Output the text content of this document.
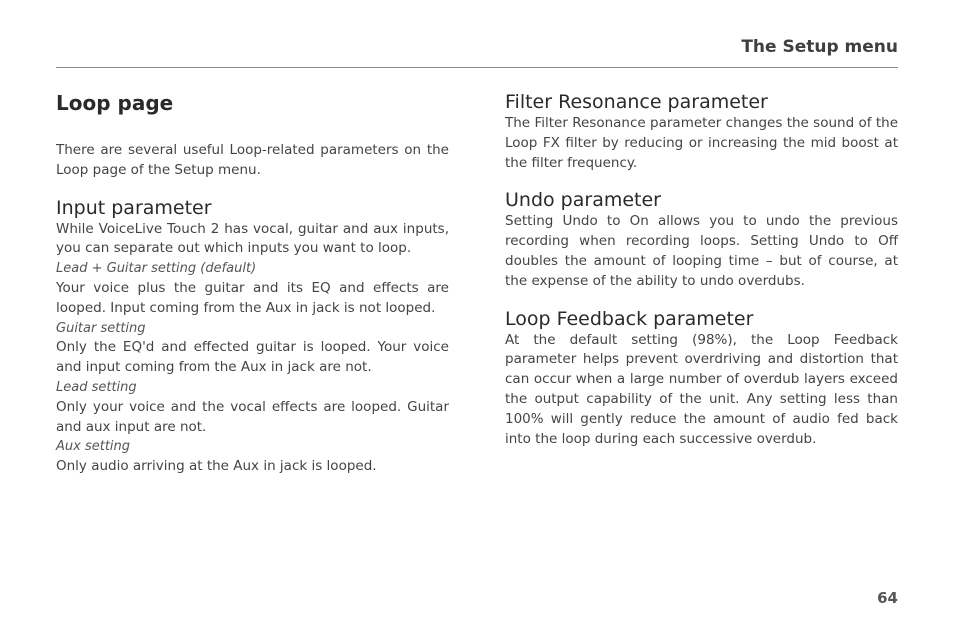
The Setup menu
Loop page

There are several useful Loop-related parameters on the Loop page of the Setup menu.

Input parameter

While VoiceLive Touch 2 has vocal, guitar and aux inputs, you can separate out which inputs you want to loop.

Lead + Guitar setting (default)

Your voice plus the guitar and its EQ and effects are looped. Input coming from the Aux in jack is not looped.

Guitar setting

Only the EQ'd and effected guitar is looped. Your voice and input coming from the Aux in jack are not.

Lead setting

Only your voice and the vocal effects are looped. Guitar and aux input are not.

Aux setting

Only audio arriving at the Aux in jack is looped.

Filter Resonance parameter

The Filter Resonance parameter changes the sound of the Loop FX filter by reducing or increasing the mid boost at the filter frequency.

Undo parameter

Setting Undo to On allows you to undo the previous recording when recording loops. Setting Undo to Off doubles the amount of looping time – but of course, at the expense of the ability to undo overdubs.

Loop Feedback parameter

At the default setting (98%), the Loop Feedback parameter helps prevent overdriving and distortion that can occur when a large number of overdub layers exceed the output capability of the unit. Any setting less than 100% will gently reduce the amount of audio fed back into the loop during each successive overdub.

64
